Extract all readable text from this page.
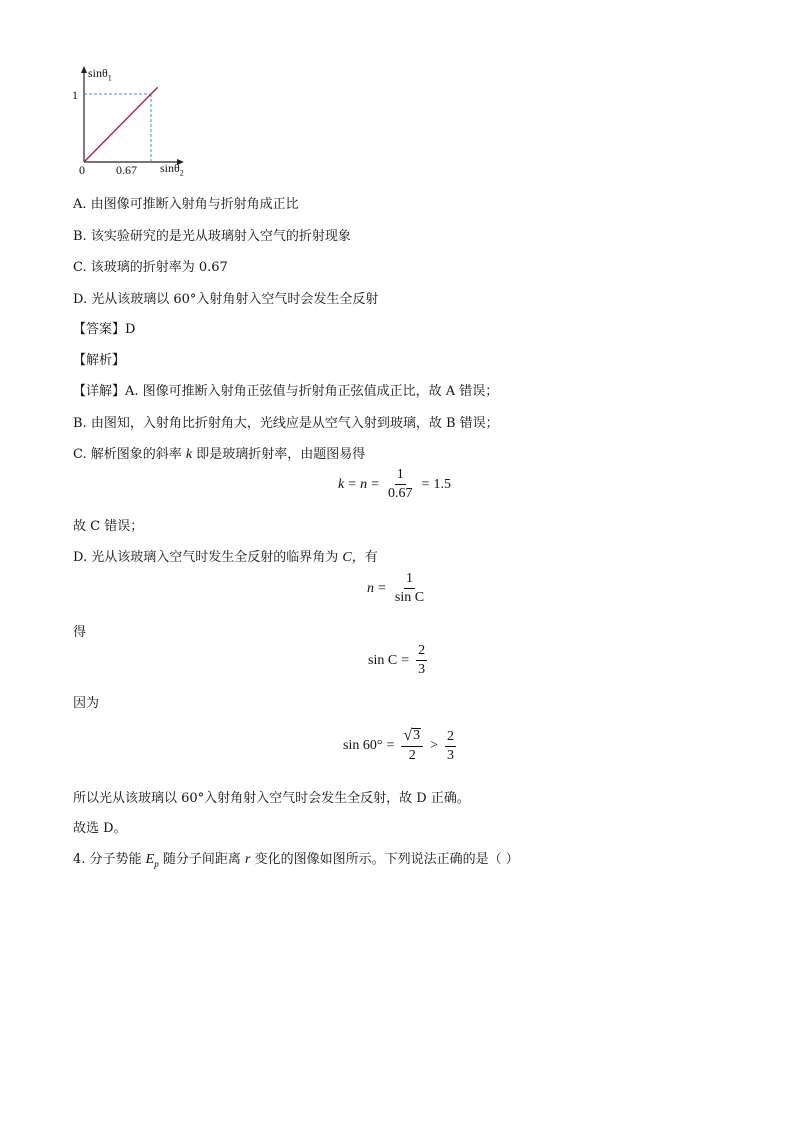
sinθ$_1$
1
0	0.67 sinθ$_2$
A. 由图像可推断入射角与折射角成正比
B. 该实验研究的是光从玻璃射入空气的折射现象
C. 该玻璃的折射率为 0.67
D. 光从该玻璃以 60°入射角射入空气时会发生全反射
【答案】D
【解析】
【详解】A. 图像可推断入射角正弦值与折射角正弦值成正比，故 A 错误；
B. 由图知，入射角比折射角大，光线应是从空气入射到玻璃，故 B 错误；
C. 解析图象的斜率 k 即是玻璃折射率，由题图易得
$k = n = \frac{1}{0.67} = 1.5$
故 C 错误；
D. 光从该玻璃入空气时发生全反射的临界角为 C，有
$n = \frac{1}{\text{sin C}}$
得
$\sin C = \frac{2}{3}$
因为
$\sin 60^\circ = \frac{√ 3}{2} > \frac{2}{3}$
所以光从该玻璃以 60°入射角射入空气时会发生全反射，故 D 正确。
故选 D。
4. 分子势能 $E_p$ 随分子间距离 r 变化的图像如图所示。下列说法正确的是（ ）
